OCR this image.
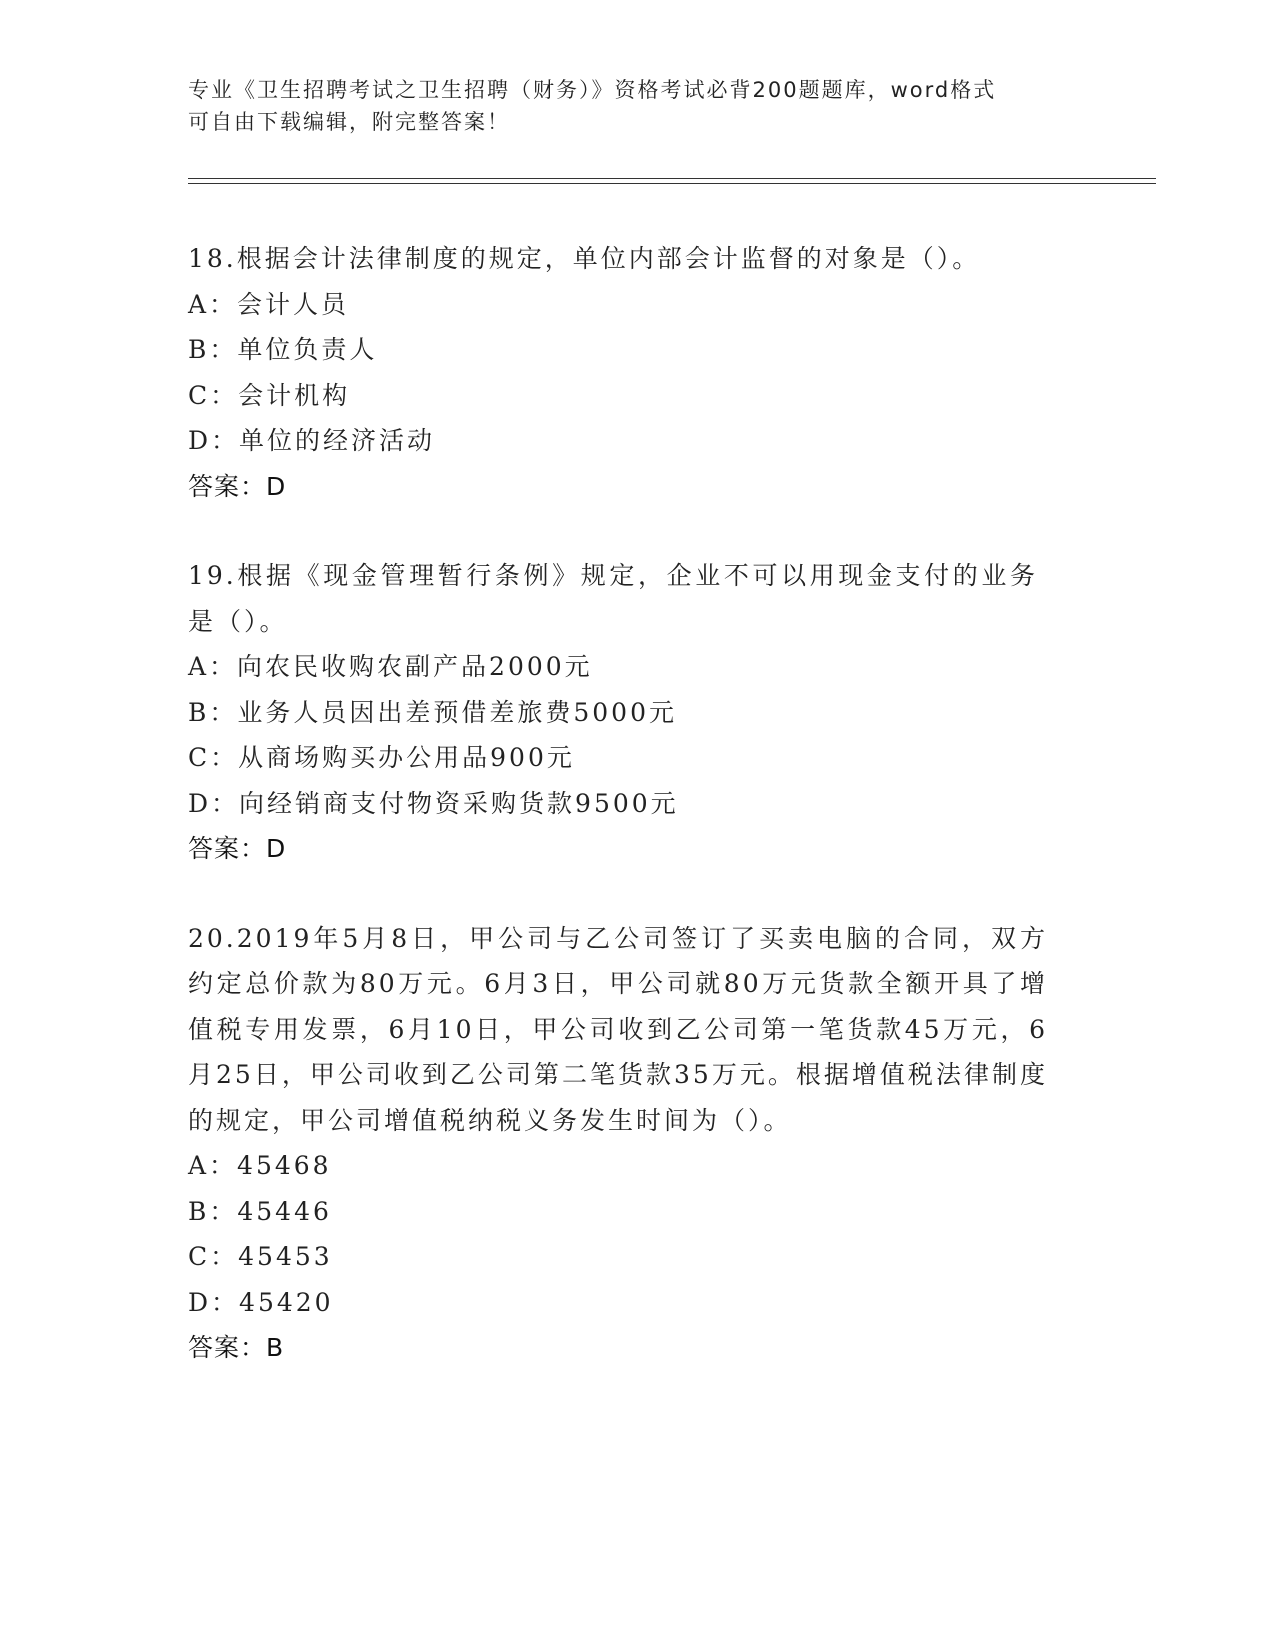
专业《卫生招聘考试之卫生招聘（财务）》资格考试必背200题题库，word格式
可自由下载编辑，附完整答案！
18.根据会计法律制度的规定，单位内部会计监督的对象是（）。
A：会计人员
B：单位负责人
C：会计机构
D：单位的经济活动
答案：D
19.根据《现金管理暂行条例》规定，企业不可以用现金支付的业务是（）。
A：向农民收购农副产品2000元
B：业务人员因出差预借差旅费5000元
C：从商场购买办公用品900元
D：向经销商支付物资采购货款9500元
答案：D
20.2019年5月8日，甲公司与乙公司签订了买卖电脑的合同，双方约定总价款为80万元。6月3日，甲公司就80万元货款全额开具了增值税专用发票，6月10日，甲公司收到乙公司第一笔货款45万元，6月25日，甲公司收到乙公司第二笔货款35万元。根据增值税法律制度的规定，甲公司增值税纳税义务发生时间为（）。
A：45468
B：45446
C：45453
D：45420
答案：B
